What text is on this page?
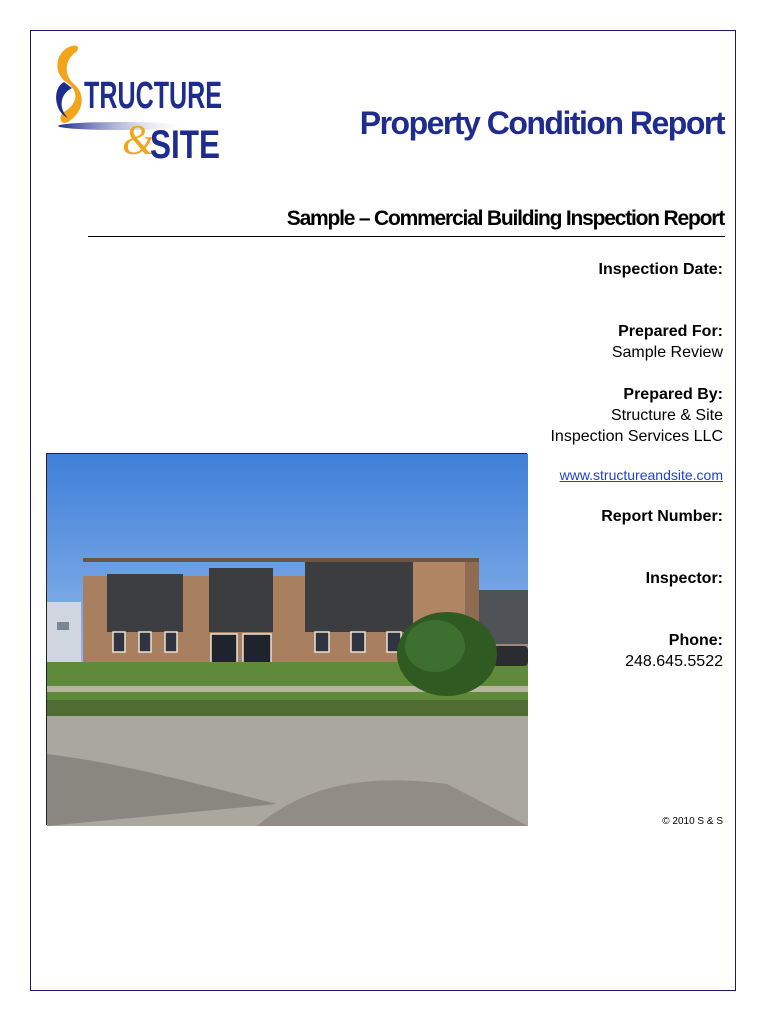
TRUCTURE
&
SITE	Property Condition Report
Sample – Commercial Building Inspection Report
Inspection Date:
Prepared For:
Sample Review
Prepared By:
Structure & Site
Inspection Services LLC
www.structureandsite.com
Report Number:
Inspector:
Phone:
248.645.5522
© 2010 S & S
